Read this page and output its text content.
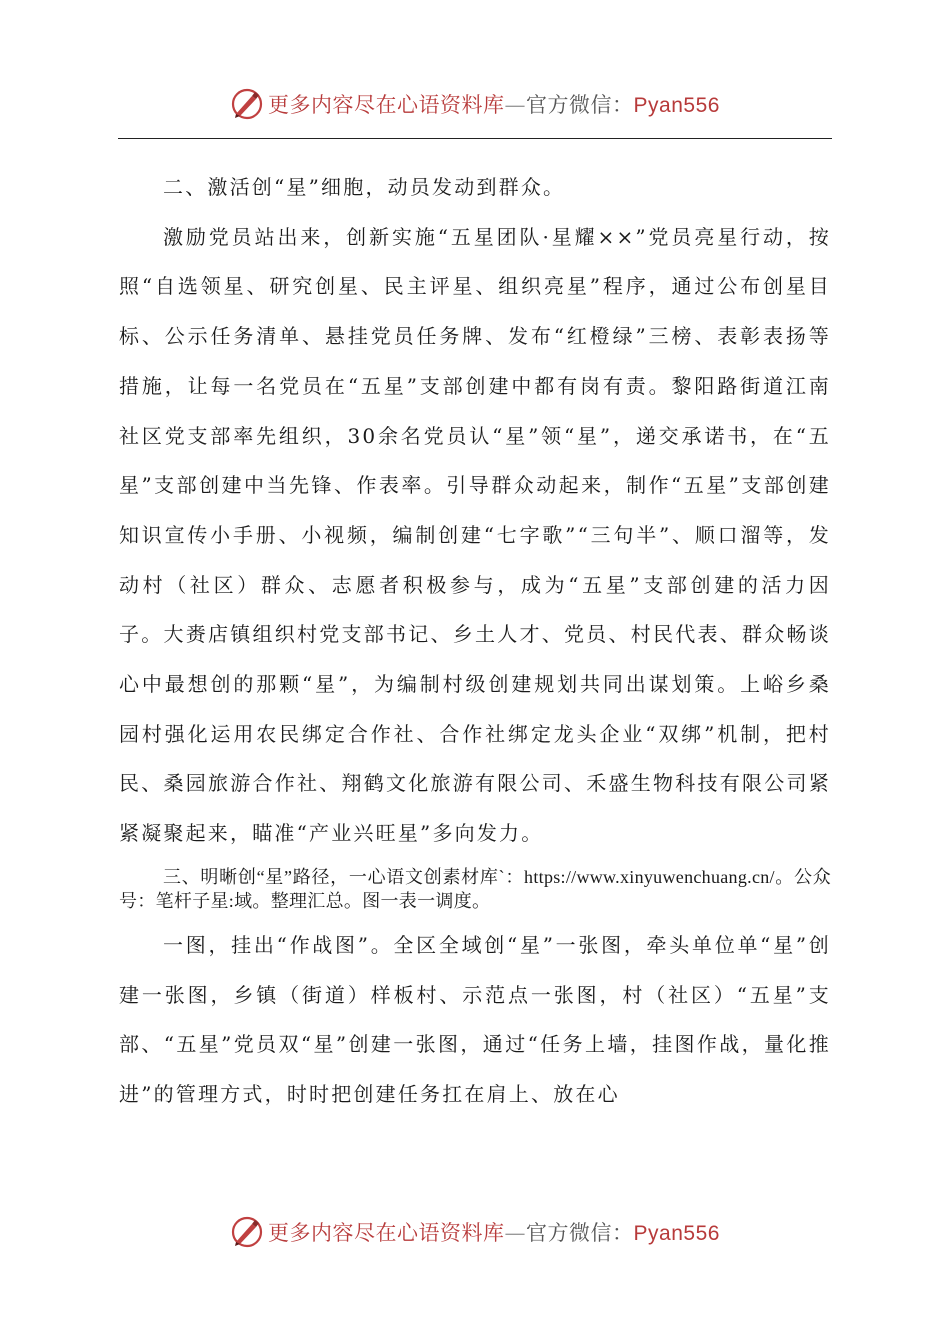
更多内容尽在心语资料库—官方微信：Pyan556

二、激活创“星”细胞，动员发动到群众。

激励党员站出来，创新实施“五星团队·星耀××”党员亮星行动，按照“自选领星、研究创星、民主评星、组织亮星”程序，通过公布创星目标、公示任务清单、悬挂党员任务牌、发布“红橙绿”三榜、表彰表扬等措施，让每一名党员在“五星”支部创建中都有岗有责。黎阳路街道江南社区党支部率先组织，30余名党员认“星”领“星”，递交承诺书，在“五星”支部创建中当先锋、作表率。引导群众动起来，制作“五星”支部创建知识宣传小手册、小视频，编制创建“七字歌”“三句半”、顺口溜等，发动村（社区）群众、志愿者积极参与，成为“五星”支部创建的活力因子。大赉店镇组织村党支部书记、乡土人才、党员、村民代表、群众畅谈心中最想创的那颗“星”，为编制村级创建规划共同出谋划策。上峪乡桑园村强化运用农民绑定合作社、合作社绑定龙头企业“双绑”机制，把村民、桑园旅游合作社、翔鹤文化旅游有限公司、禾盛生物科技有限公司紧紧凝聚起来，瞄准“产业兴旺星”多向发力。

三、明晰创“星”路径，一心语文创素材库`：https://www.xinyuwenchuang.cn/。公众号：笔杆子星:域。整理汇总。图一表一调度。

一图，挂出“作战图”。全区全域创“星”一张图，牵头单位单“星”创建一张图，乡镇（街道）样板村、示范点一张图，村（社区）“五星”支部、“五星”党员双“星”创建一张图，通过“任务上墙，挂图作战，量化推进”的管理方式，时时把创建任务扛在肩上、放在心

更多内容尽在心语资料库—官方微信：Pyan556
